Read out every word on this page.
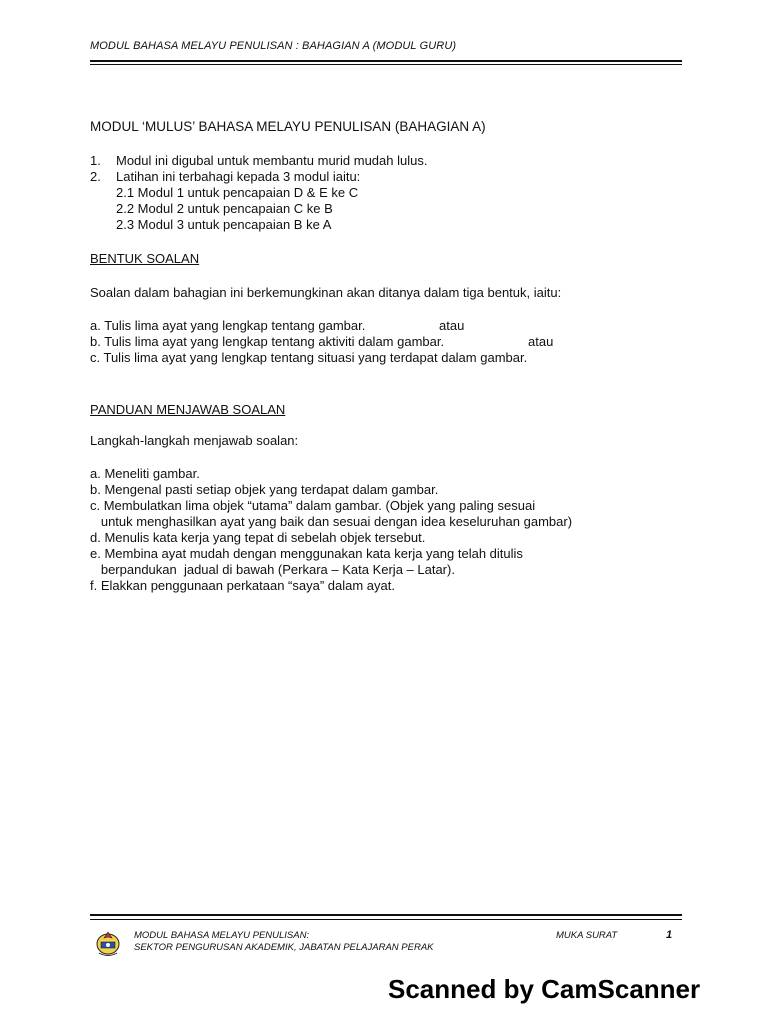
MODUL BAHASA MELAYU PENULISAN : BAHAGIAN A (MODUL GURU)
MODUL ‘MULUS’ BAHASA MELAYU PENULISAN (BAHAGIAN A)
1. Modul ini digubal untuk membantu murid mudah lulus.
2. Latihan ini terbahagi kepada 3 modul iaitu:
2.1 Modul 1 untuk pencapaian D & E ke C
2.2 Modul 2 untuk pencapaian C ke B
2.3 Modul 3 untuk pencapaian B ke A
BENTUK SOALAN
Soalan dalam bahagian ini berkemungkinan akan ditanya dalam tiga bentuk, iaitu:
a. Tulis lima ayat yang lengkap tentang gambar.	atau
b. Tulis lima ayat yang lengkap tentang aktiviti dalam gambar.	atau
c. Tulis lima ayat yang lengkap tentang situasi yang terdapat dalam gambar.
PANDUAN MENJAWAB SOALAN
Langkah-langkah menjawab soalan:
a. Meneliti gambar.
b. Mengenal pasti setiap objek yang terdapat dalam gambar.
c. Membulatkan lima objek “utama” dalam gambar. (Objek yang paling sesuai
untuk menghasilkan ayat yang baik dan sesuai dengan idea keseluruhan gambar)
d. Menulis kata kerja yang tepat di sebelah objek tersebut.
e. Membina ayat mudah dengan menggunakan kata kerja yang telah ditulis
berpandukan  jadual di bawah (Perkara – Kata Kerja – Latar).
f. Elakkan penggunaan perkataan “saya” dalam ayat.
MODUL BAHASA MELAYU PENULISAN:
SEKTOR PENGURUSAN AKADEMIK, JABATAN PELAJARAN PERAK
MUKA SURAT	1
Scanned by CamScanner
